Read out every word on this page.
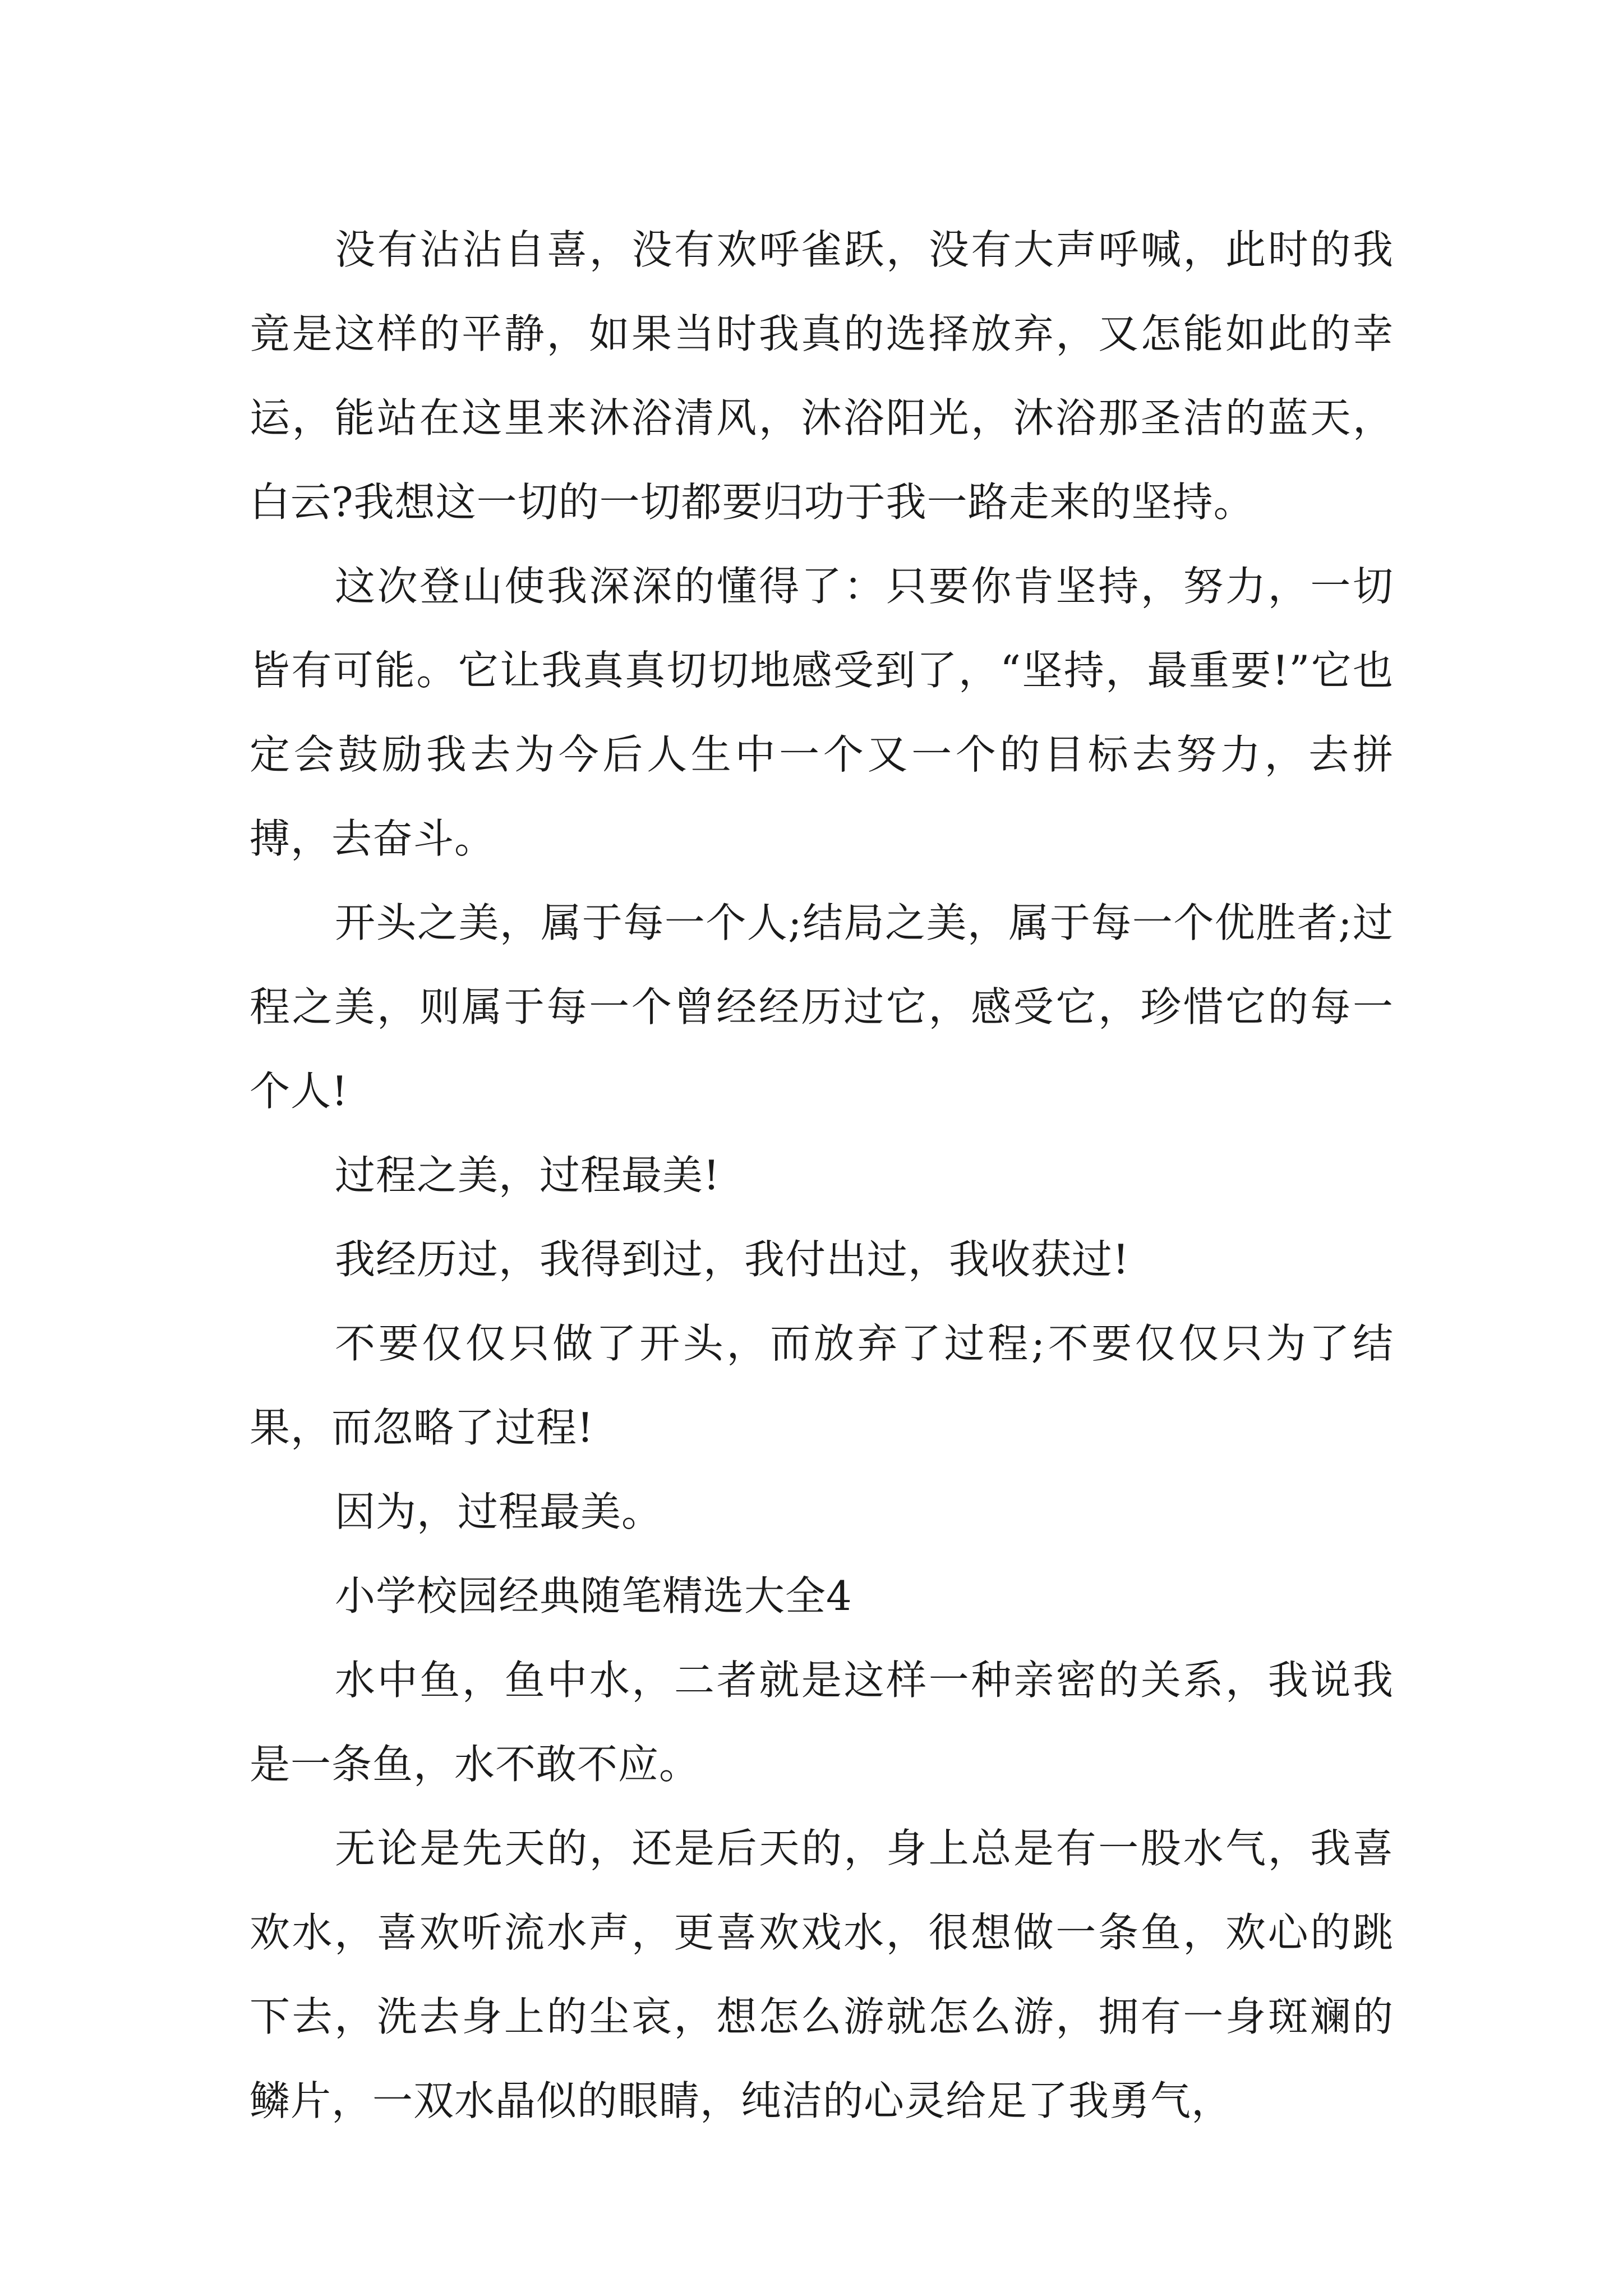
没有沾沾自喜，没有欢呼雀跃，没有大声呼喊，此时的我竟是这样的平静，如果当时我真的选择放弃，又怎能如此的幸运，能站在这里来沐浴清风，沐浴阳光，沐浴那圣洁的蓝天，白云?我想这一切的一切都要归功于我一路走来的坚持。

这次登山使我深深的懂得了：只要你肯坚持，努力，一切皆有可能。它让我真真切切地感受到了，“坚持，最重要!”它也定会鼓励我去为今后人生中一个又一个的目标去努力，去拼搏，去奋斗。

开头之美，属于每一个人;结局之美，属于每一个优胜者;过程之美，则属于每一个曾经经历过它，感受它，珍惜它的每一个人!

过程之美，过程最美!

我经历过，我得到过，我付出过，我收获过!

不要仅仅只做了开头，而放弃了过程;不要仅仅只为了结果，而忽略了过程!

因为，过程最美。

小学校园经典随笔精选大全4

水中鱼，鱼中水，二者就是这样一种亲密的关系，我说我是一条鱼，水不敢不应。

无论是先天的，还是后天的，身上总是有一股水气，我喜欢水，喜欢听流水声，更喜欢戏水，很想做一条鱼，欢心的跳下去，洗去身上的尘哀，想怎么游就怎么游，拥有一身斑斓的鳞片，一双水晶似的眼睛，纯洁的心灵给足了我勇气，
